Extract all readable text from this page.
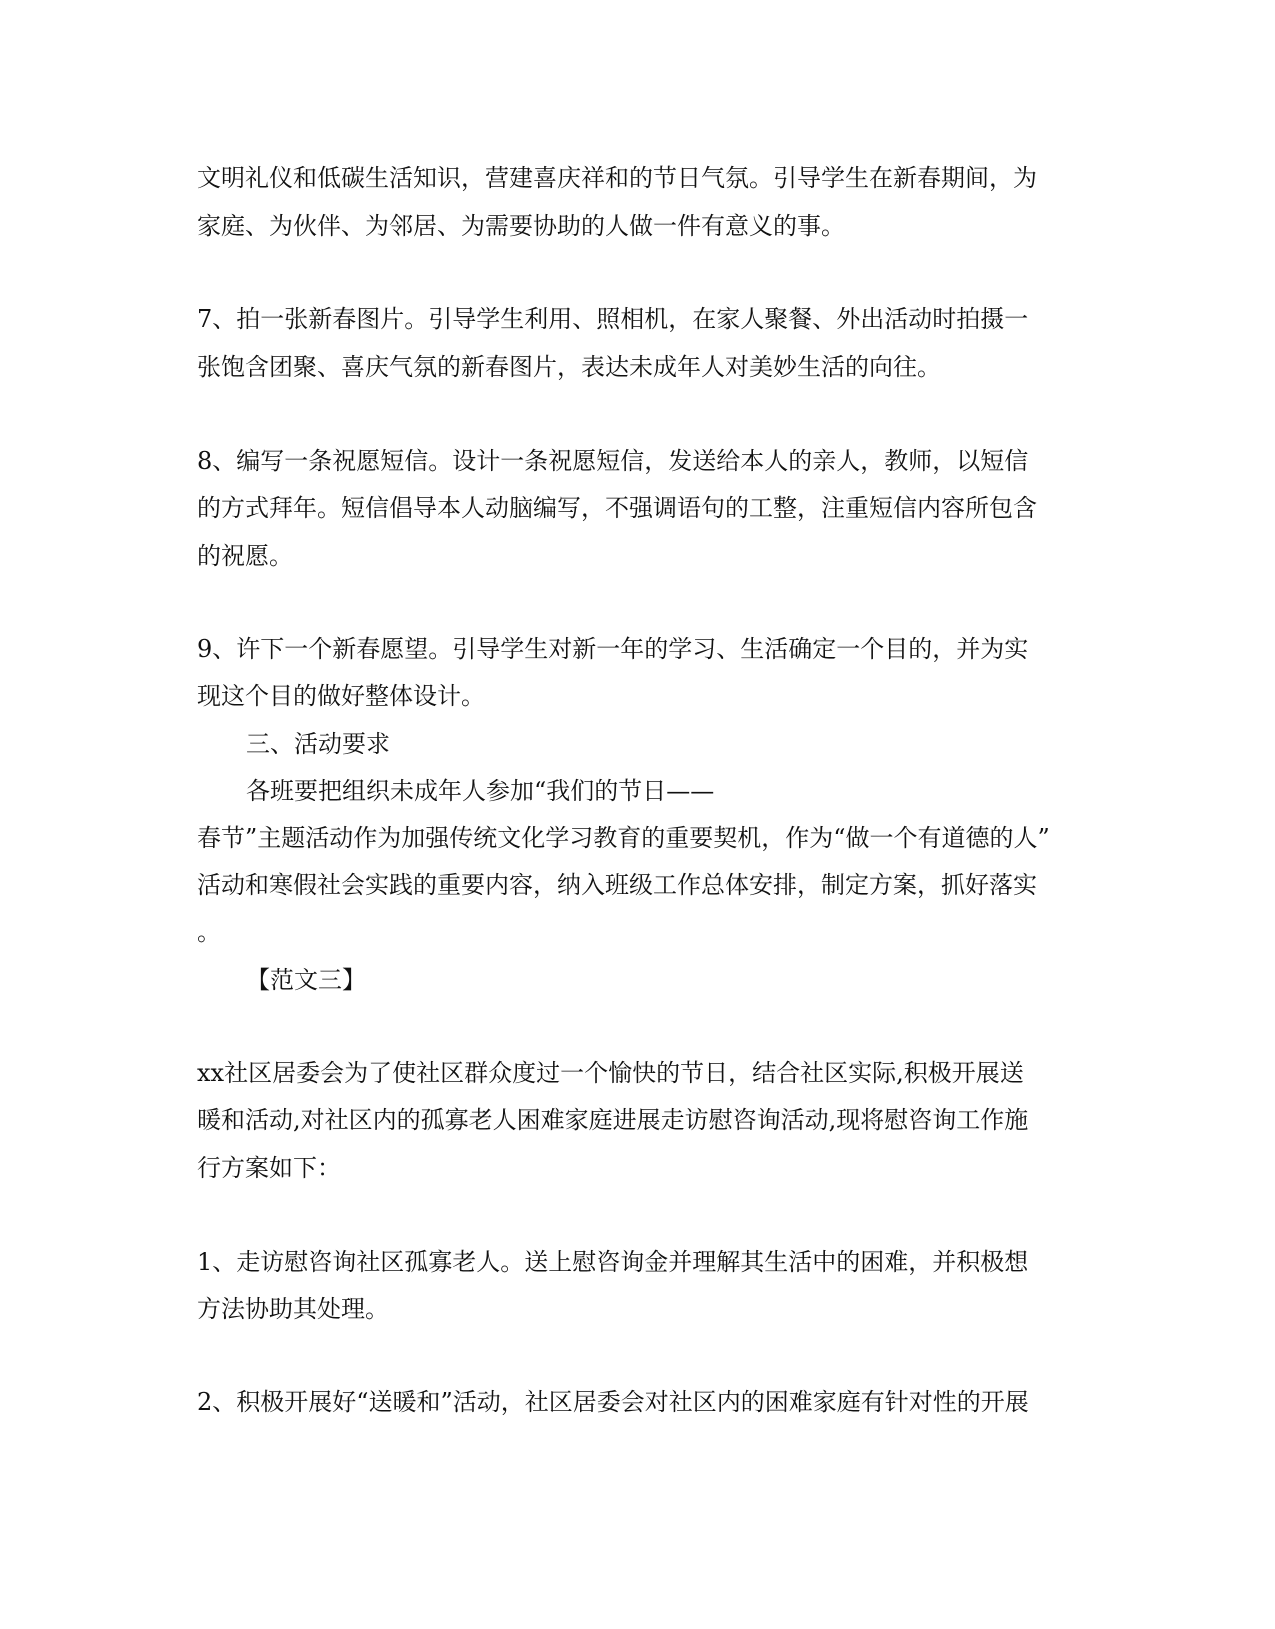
文明礼仪和低碳生活知识，营建喜庆祥和的节日气氛。引导学生在新春期间，为
家庭、为伙伴、为邻居、为需要协助的人做一件有意义的事。
7、拍一张新春图片。引导学生利用、照相机，在家人聚餐、外出活动时拍摄一
张饱含团聚、喜庆气氛的新春图片，表达未成年人对美妙生活的向往。
8、编写一条祝愿短信。设计一条祝愿短信，发送给本人的亲人，教师，以短信
的方式拜年。短信倡导本人动脑编写，不强调语句的工整，注重短信内容所包含
的祝愿。
9、许下一个新春愿望。引导学生对新一年的学习、生活确定一个目的，并为实
现这个目的做好整体设计。
三、活动要求
各班要把组织未成年人参加“我们的节日——
春节”主题活动作为加强传统文化学习教育的重要契机，作为“做一个有道德的人”
活动和寒假社会实践的重要内容，纳入班级工作总体安排，制定方案，抓好落实
。
【范文三】
xx社区居委会为了使社区群众度过一个愉快的节日，结合社区实际,积极开展送
暖和活动,对社区内的孤寡老人困难家庭进展走访慰咨询活动,现将慰咨询工作施
行方案如下：
1、走访慰咨询社区孤寡老人。送上慰咨询金并理解其生活中的困难，并积极想
方法协助其处理。
2、积极开展好“送暖和”活动，社区居委会对社区内的困难家庭有针对性的开展
